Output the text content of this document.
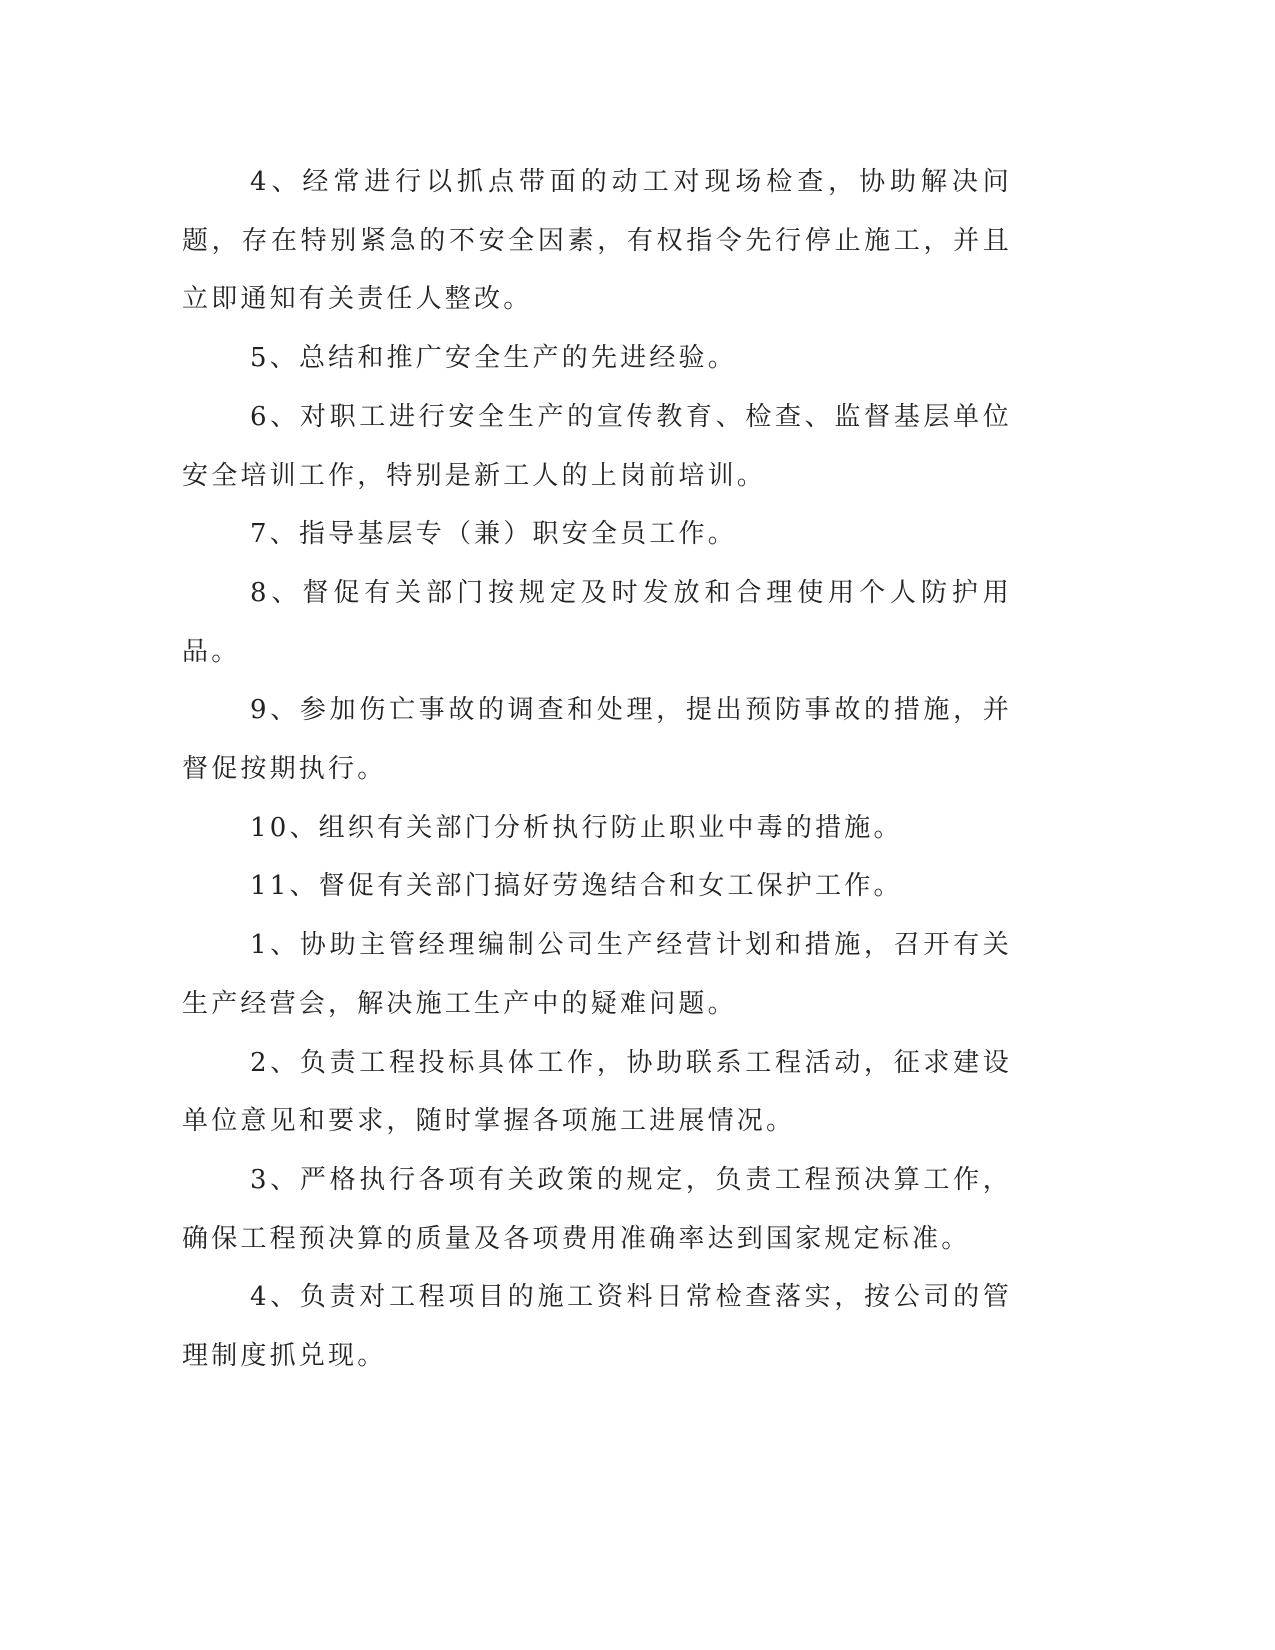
4、经常进行以抓点带面的动工对现场检查，协助解决问题，存在特别紧急的不安全因素，有权指令先行停止施工，并且立即通知有关责任人整改。

5、总结和推广安全生产的先进经验。

6、对职工进行安全生产的宣传教育、检查、监督基层单位安全培训工作，特别是新工人的上岗前培训。

7、指导基层专（兼）职安全员工作。

8、督促有关部门按规定及时发放和合理使用个人防护用品。

9、参加伤亡事故的调查和处理，提出预防事故的措施，并督促按期执行。

10、组织有关部门分析执行防止职业中毒的措施。

11、督促有关部门搞好劳逸结合和女工保护工作。

1、协助主管经理编制公司生产经营计划和措施，召开有关生产经营会，解决施工生产中的疑难问题。

2、负责工程投标具体工作，协助联系工程活动，征求建设单位意见和要求，随时掌握各项施工进展情况。

3、严格执行各项有关政策的规定，负责工程预决算工作，确保工程预决算的质量及各项费用准确率达到国家规定标准。

4、负责对工程项目的施工资料日常检查落实，按公司的管理制度抓兑现。
